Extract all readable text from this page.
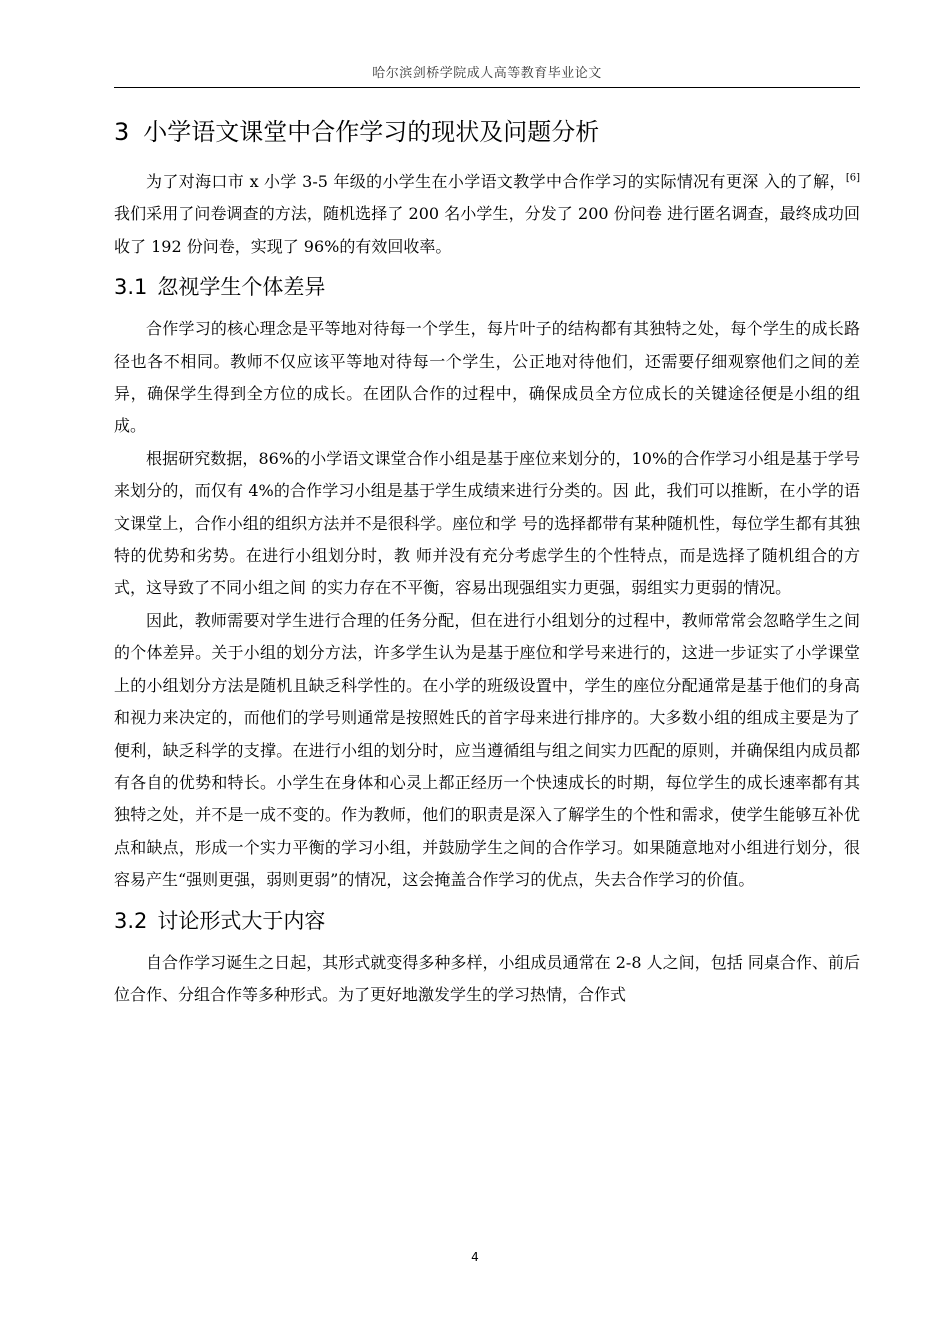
哈尔滨剑桥学院成人高等教育毕业论文
3 小学语文课堂中合作学习的现状及问题分析

为了对海口市 x 小学 3-5 年级的小学生在小学语文教学中合作学习的实际情况有更深 入的了解，[6]我们采用了问卷调查的方法，随机选择了 200 名小学生，分发了 200 份问卷 进行匿名调查，最终成功回收了 192 份问卷，实现了 96%的有效回收率。

3.1 忽视学生个体差异

合作学习的核心理念是平等地对待每一个学生，每片叶子的结构都有其独特之处，每个学生的成长路径也各不相同。教师不仅应该平等地对待每一个学生，公正地对待他们，还需要仔细观察他们之间的差异，确保学生得到全方位的成长。在团队合作的过程中，确保成员全方位成长的关键途径便是小组的组成。

根据研究数据，86%的小学语文课堂合作小组是基于座位来划分的，10%的合作学习小组是基于学号来划分的，而仅有 4%的合作学习小组是基于学生成绩来进行分类的。因 此，我们可以推断，在小学的语文课堂上，合作小组的组织方法并不是很科学。座位和学 号的选择都带有某种随机性，每位学生都有其独特的优势和劣势。在进行小组划分时，教 师并没有充分考虑学生的个性特点，而是选择了随机组合的方式，这导致了不同小组之间 的实力存在不平衡，容易出现强组实力更强，弱组实力更弱的情况。

因此，教师需要对学生进行合理的任务分配，但在进行小组划分的过程中，教师常常会忽略学生之间的个体差异。关于小组的划分方法，许多学生认为是基于座位和学号来进行的，这进一步证实了小学课堂上的小组划分方法是随机且缺乏科学性的。在小学的班级设置中，学生的座位分配通常是基于他们的身高和视力来决定的，而他们的学号则通常是按照姓氏的首字母来进行排序的。大多数小组的组成主要是为了便利，缺乏科学的支撑。在进行小组的划分时，应当遵循组与组之间实力匹配的原则，并确保组内成员都有各自的优势和特长。小学生在身体和心灵上都正经历一个快速成长的时期，每位学生的成长速率都有其独特之处，并不是一成不变的。作为教师，他们的职责是深入了解学生的个性和需求，使学生能够互补优点和缺点，形成一个实力平衡的学习小组，并鼓励学生之间的合作学习。如果随意地对小组进行划分，很容易产生“强则更强，弱则更弱”的情况，这会掩盖合作学习的优点，失去合作学习的价值。

3.2 讨论形式大于内容

自合作学习诞生之日起，其形式就变得多种多样，小组成员通常在 2-8 人之间，包括 同桌合作、前后位合作、分组合作等多种形式。为了更好地激发学生的学习热情，合作式

4
